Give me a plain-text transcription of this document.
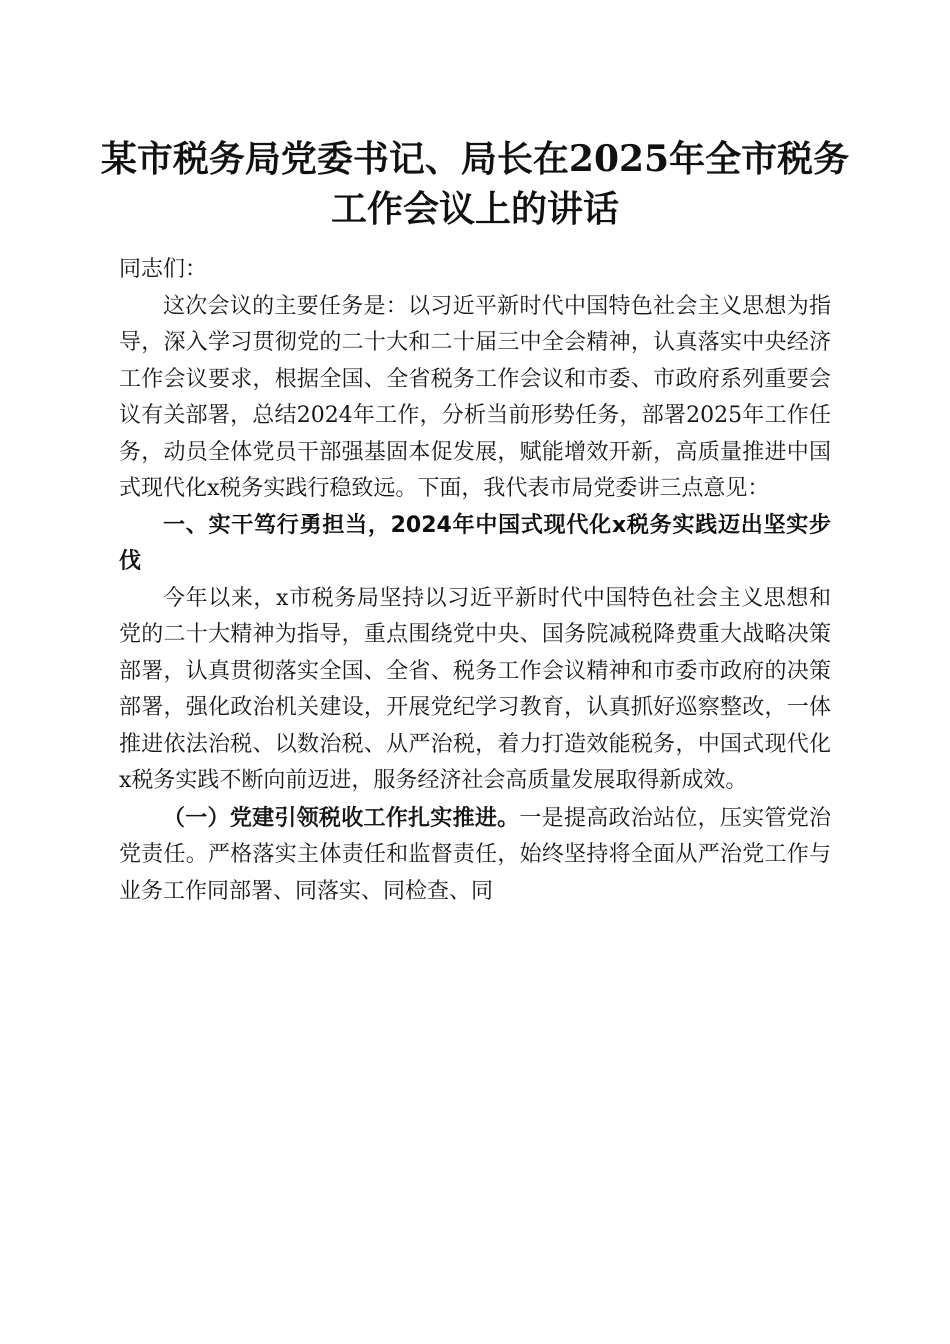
某市税务局党委书记、局长在2025年全市税务工作会议上的讲话

同志们：

这次会议的主要任务是：以习近平新时代中国特色社会主义思想为指导，深入学习贯彻党的二十大和二十届三中全会精神，认真落实中央经济工作会议要求，根据全国、全省税务工作会议和市委、市政府系列重要会议有关部署，总结2024年工作，分析当前形势任务，部署2025年工作任务，动员全体党员干部强基固本促发展，赋能增效开新，高质量推进中国式现代化x税务实践行稳致远。下面，我代表市局党委讲三点意见：

一、实干笃行勇担当，2024年中国式现代化x税务实践迈出坚实步伐

今年以来，x市税务局坚持以习近平新时代中国特色社会主义思想和党的二十大精神为指导，重点围绕党中央、国务院减税降费重大战略决策部署，认真贯彻落实全国、全省、税务工作会议精神和市委市政府的决策部署，强化政治机关建设，开展党纪学习教育，认真抓好巡察整改，一体推进依法治税、以数治税、从严治税，着力打造效能税务，中国式现代化x税务实践不断向前迈进，服务经济社会高质量发展取得新成效。

（一）党建引领税收工作扎实推进。一是提高政治站位，压实管党治党责任。严格落实主体责任和监督责任，始终坚持将全面从严治党工作与业务工作同部署、同落实、同检查、同
